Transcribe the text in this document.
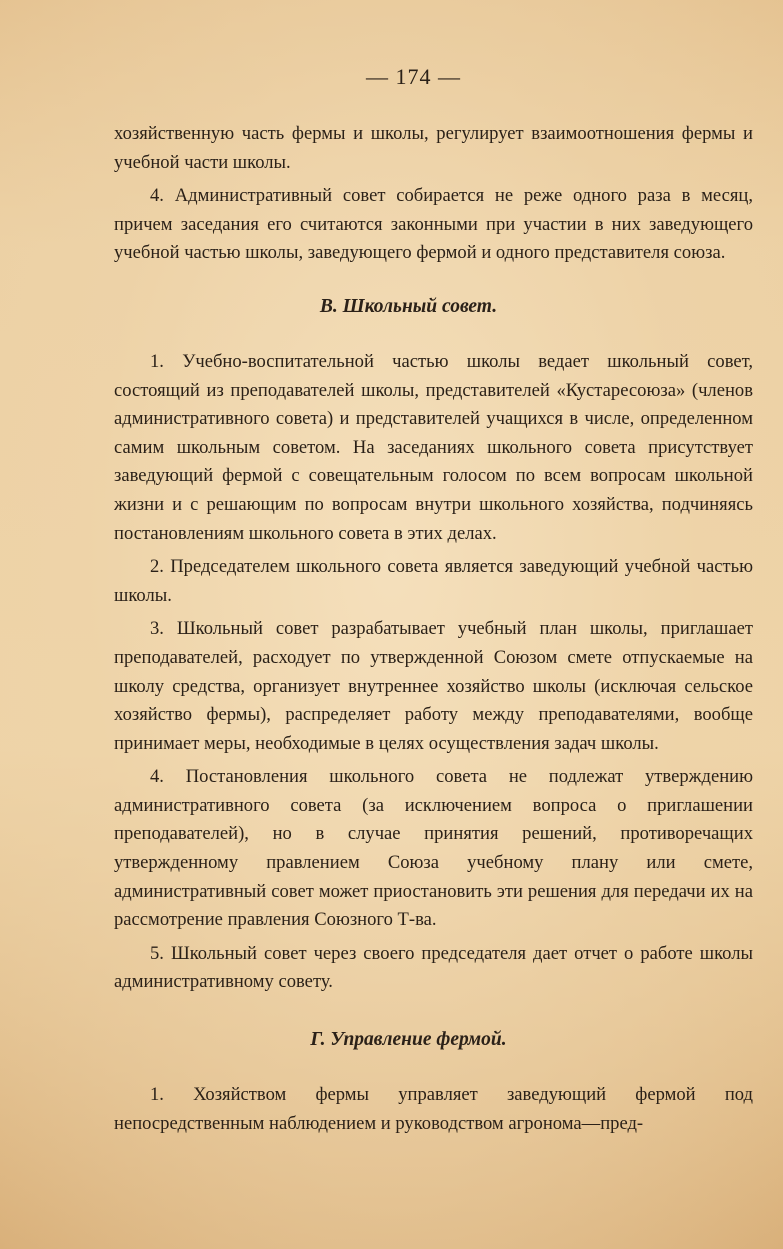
— 174 —

хозяйственную часть фермы и школы, регулирует взаимоотношения фермы и учебной части школы.

4. Административный совет собирается не реже одного раза в месяц, причем заседания его считаются законными при участии в них заведующего учебной частью школы, заведующего фермой и одного представителя союза.

В. Школьный совет.

1. Учебно-воспитательной частью школы ведает школьный совет, состоящий из преподавателей школы, представителей «Кустаресоюза» (членов административного совета) и представителей учащихся в числе, определенном самим школьным советом. На заседаниях школьного совета присутствует заведующий фермой с совещательным голосом по всем вопросам школьной жизни и с решающим по вопросам внутри школьного хозяйства, подчиняясь постановлениям школьного совета в этих делах.

2. Председателем школьного совета является заведующий учебной частью школы.

3. Школьный совет разрабатывает учебный план школы, приглашает преподавателей, расходует по утвержденной Союзом смете отпускаемые на школу средства, организует внутреннее хозяйство школы (исключая сельское хозяйство фермы), распределяет работу между преподавателями, вообще принимает меры, необходимые в целях осуществления задач школы.

4. Постановления школьного совета не подлежат утверждению административного совета (за исключением вопроса о приглашении преподавателей), но в случае принятия решений, противоречащих утвержденному правлением Союза учебному плану или смете, административный совет может приостановить эти решения для передачи их на рассмотрение правления Союзного Т-ва.

5. Школьный совет через своего председателя дает отчет о работе школы административному совету.

Г. Управление фермой.

1. Хозяйством фермы управляет заведующий фермой под непосредственным наблюдением и руководством агронома—пред-
